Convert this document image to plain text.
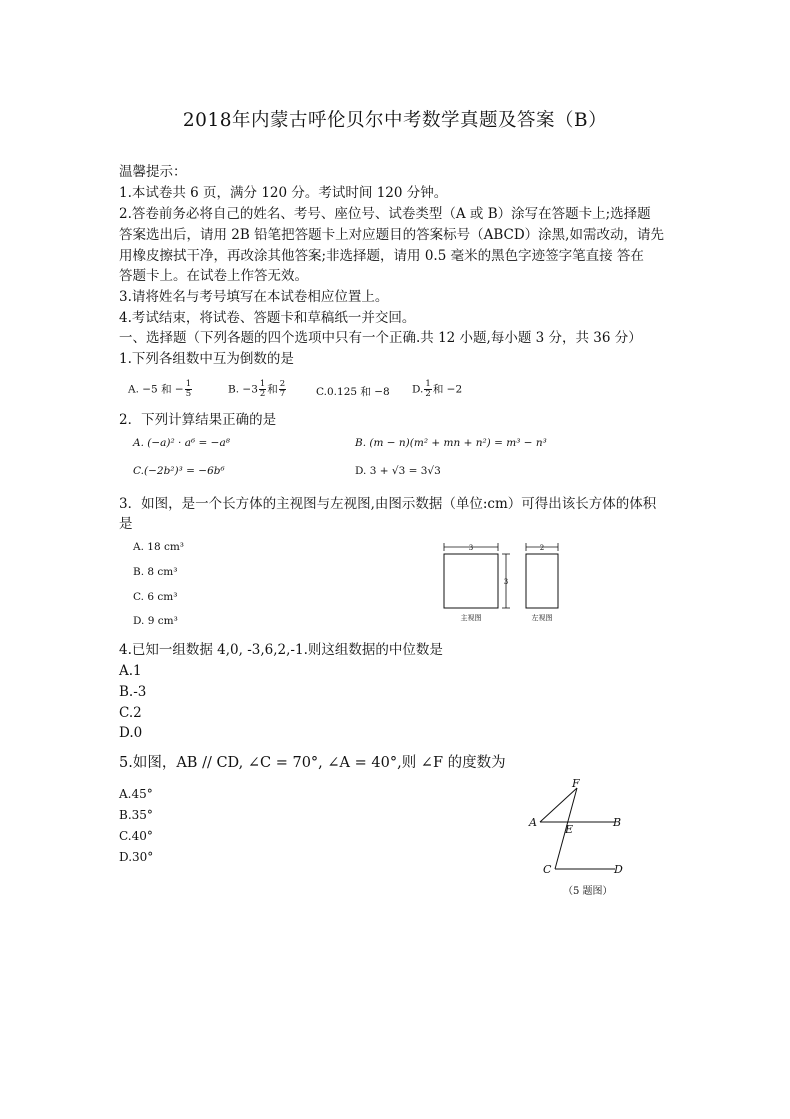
2018年内蒙古呼伦贝尔中考数学真题及答案（B）
温馨提示：
1.本试卷共 6 页，满分 120 分。考试时间 120 分钟。
2.答卷前务必将自己的姓名、考号、座位号、试卷类型（A 或 B）涂写在答题卡上;选择题
答案选出后，请用 2B 铅笔把答题卡上对应题目的答案标号（ABCD）涂黑,如需改动，请先
用橡皮擦拭干净，再改涂其他答案;非选择题，请用 0.5 毫米的黑色字迹签字笔直接 答在
答题卡上。在试卷上作答无效。
3.请将姓名与考号填写在本试卷相应位置上。
4.考试结束，将试卷、答题卡和草稿纸一并交回。
一、选择题（下列各题的四个选项中只有一个正确.共 12 小题,每小题 3 分，共 36 分）
1.下列各组数中互为倒数的是
A. −5 和 − $\frac{1}{5}$	B. $-3 \frac{1}{2}$ 和 $\frac{2}{7}$	C.0.125 和 −8 D. $\frac{1}{2}$ 和 −2
2．下列计算结果正确的是
A. (−a)² · a⁶ = −a⁸	B. (m − n)(m² + mn + n²) = m³ − n³
C.(−2b²)³ = −6b⁶	D. 3 + √3 = 3√3
3．如图，是一个长方体的主视图与左视图,由图示数据（单位:cm）可得出该长方体的体积
是
A. 18 cm³
B. 8 cm³
C. 6 cm³
D. 9 cm³
3
3
主视图
2
左视图
4.已知一组数据 4,0, -3,6,2,-1.则这组数据的中位数是
A.1
B.-3
C.2
D.0
5.如图，AB // CD, ∠C = 70°, ∠A = 40°,则 ∠F 的度数为
A.45°
B.35°
C.40°
D.30°
F
A
E
B
C	D
（5 题图）
